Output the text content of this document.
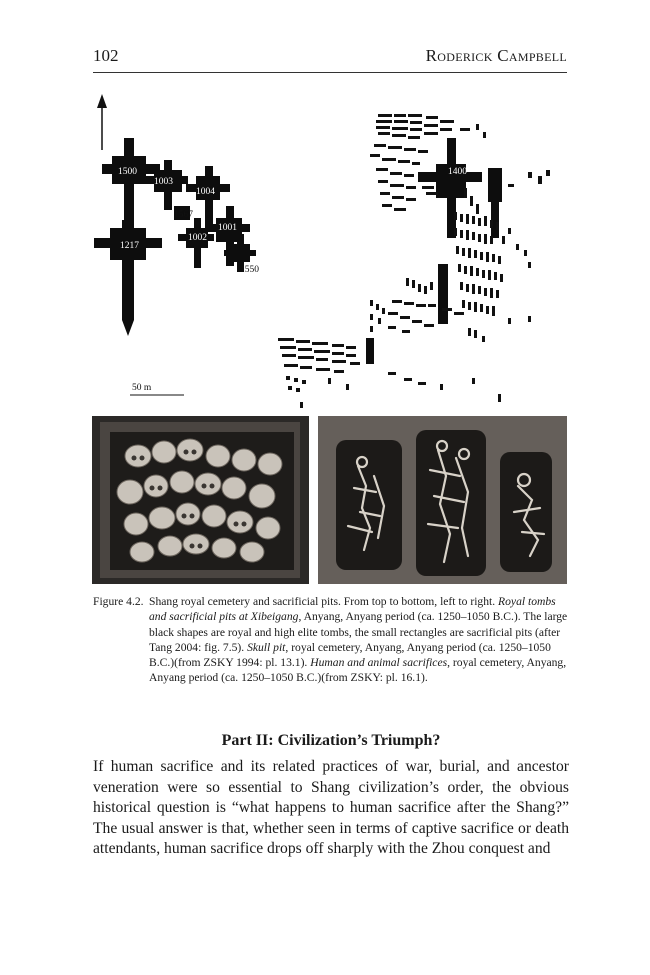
102	Roderick Campbell
1500
1003
1004
1567
1002
1001
1217
1550
1400
50 m
Figure 4.2. Shang royal cemetery and sacrificial pits. From top to bottom, left to right. Royal tombs and sacrificial pits at Xibeigang, Anyang, Anyang period (ca. 1250–1050 B.C.). The large black shapes are royal and high elite tombs, the small rectangles are sacrificial pits (after Tang 2004: fig. 7.5). Skull pit, royal cemetery, Anyang, Anyang period (ca. 1250–1050 B.C.)(from ZSKY 1994: pl. 13.1). Human and animal sacrifices, royal cemetery, Anyang, Anyang period (ca. 1250–1050 B.C.)(from ZSKY: pl. 16.1).
Part II: Civilization’s Triumph?
If human sacrifice and its related practices of war, burial, and ancestor veneration were so essential to Shang civilization’s order, the obvious historical question is “what happens to human sacrifice after the Shang?” The usual answer is that, whether seen in terms of captive sacrifice or death attendants, human sacrifice drops off sharply with the Zhou conquest and
